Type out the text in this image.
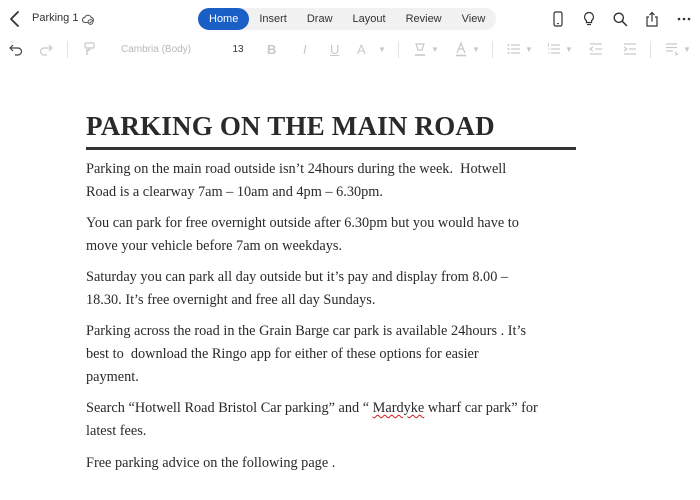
Parking 1	Home	Insert	Draw	Layout	Review	View
Cambria (Body)	13	B I U A ▼	▼	▼	▼	▼	▼
PARKING ON THE MAIN ROAD

Parking on the main road outside isn’t 24hours during the week.  Hotwell
Road is a clearway 7am – 10am and 4pm – 6.30pm.

You can park for free overnight outside after 6.30pm but you would have to
move your vehicle before 7am on weekdays.

Saturday you can park all day outside but it’s pay and display from 8.00 –
18.30. It’s free overnight and free all day Sundays.

Parking across the road in the Grain Barge car park is available 24hours . It’s
best to  download the Ringo app for either of these options for easier
payment.

Search “Hotwell Road Bristol Car parking” and “ Mardyke wharf car park” for
latest fees.

Free parking advice on the following page .
